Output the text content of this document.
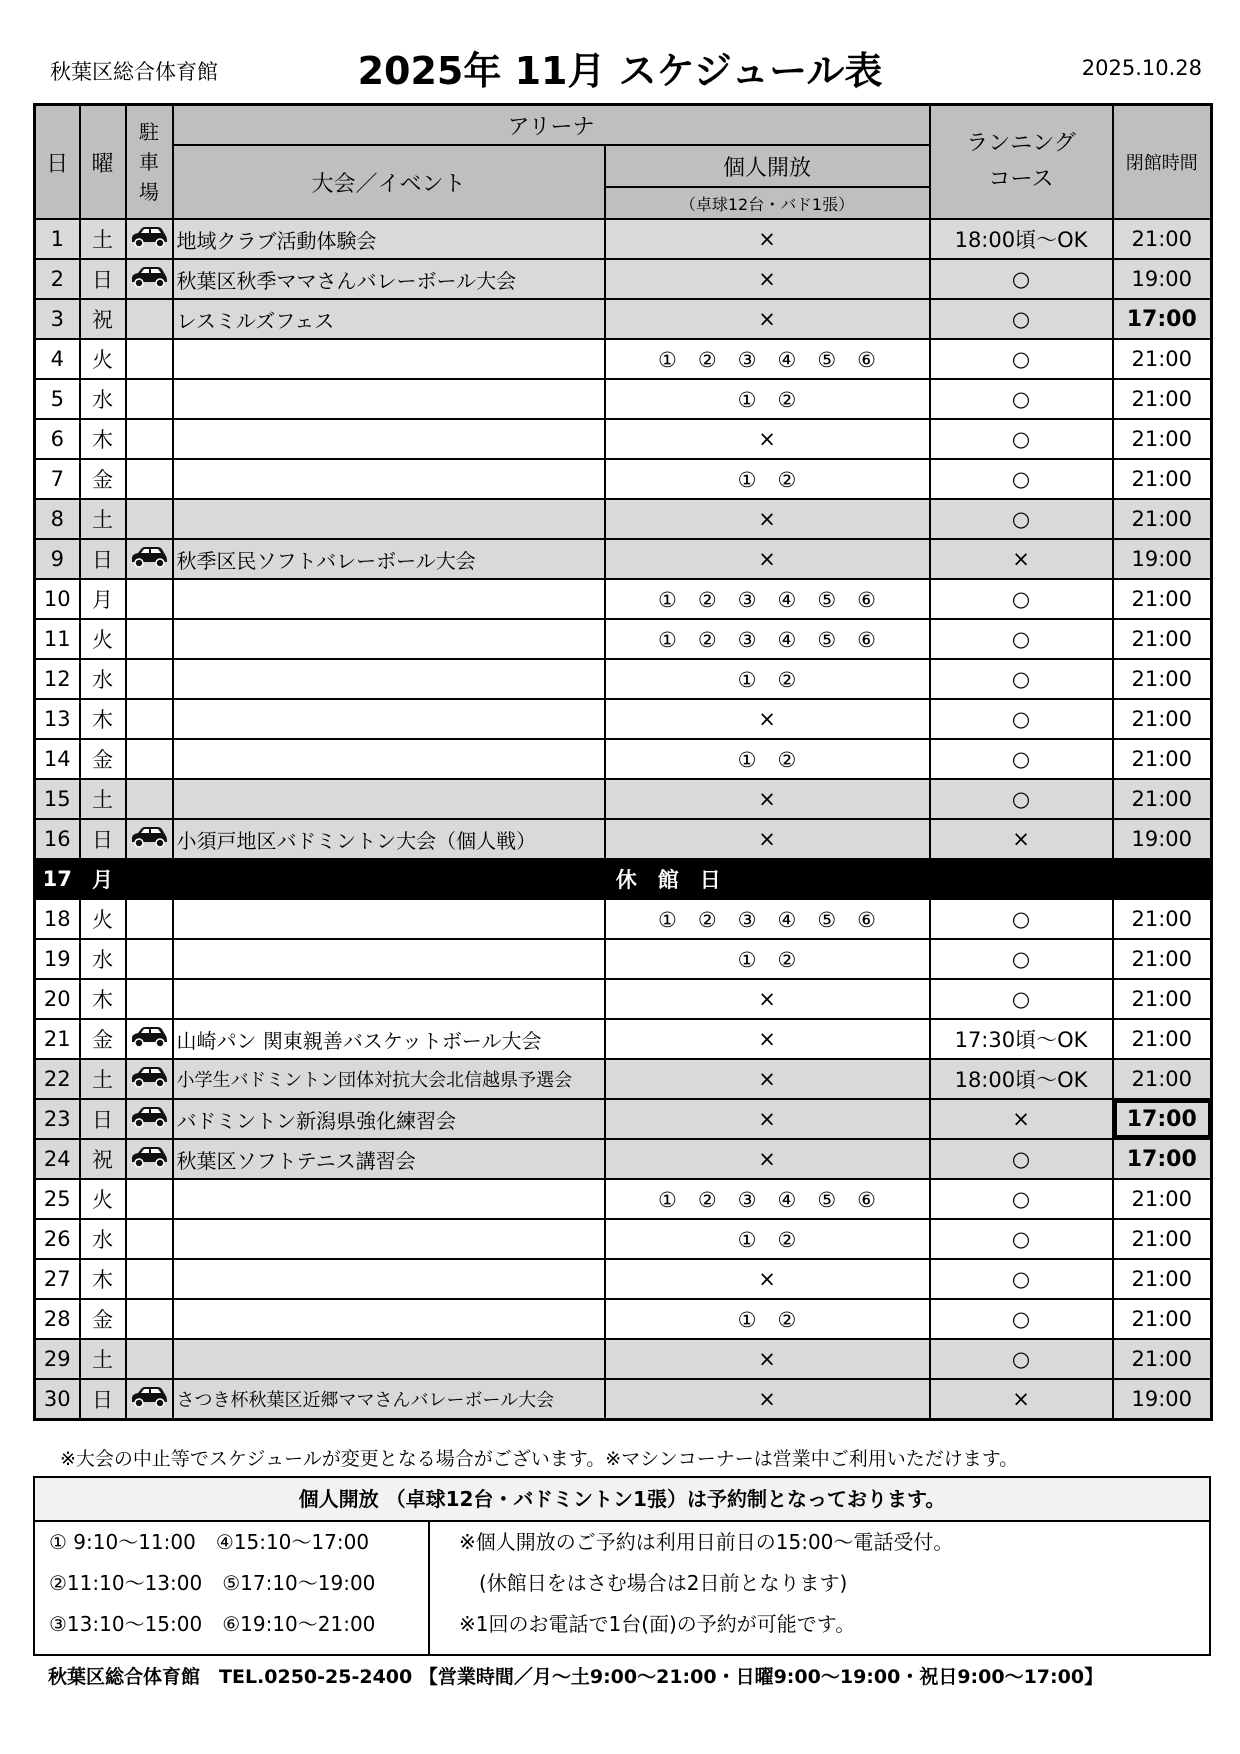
秋葉区総合体育館	2025年 11月 スケジュール表	2025.10.28
日	曜	駐
車
場	アリーナ		ランニング
コース	閉館時間
			大会／イベント	個人開放		
				（卓球12台・バド1張）		
1	土		地域クラブ活動体験会	×	18:00頃～OK	21:00
2	日		秋葉区秋季ママさんバレーボール大会	×	○	19:00
3	祝		レスミルズフェス	×	○	17:00
4	火			①　②　③　④　⑤　⑥	○	21:00
5	水			①　②	○	21:00
6	木			×	○	21:00
7	金			①　②	○	21:00
8	土			×	○	21:00
9	日		秋季区民ソフトバレーボール大会	×	×	19:00
10	月			①　②　③　④　⑤　⑥	○	21:00
11	火			①　②　③　④　⑤　⑥	○	21:00
12	水			①　②	○	21:00
13	木			×	○	21:00
14	金			①　②	○	21:00
15	土			×	○	21:00
16	日		小須戸地区バドミントン大会（個人戦）	×	×	19:00
17	月	休　館　日				
18	火			①　②　③　④　⑤　⑥	○	21:00
19	水			①　②	○	21:00
20	木			×	○	21:00
21	金		山崎パン 関東親善バスケットボール大会	×	17:30頃～OK	21:00
22	土		小学生バドミントン団体対抗大会北信越県予選会	×	18:00頃～OK	21:00
23	日		バドミントン新潟県強化練習会	×	×	17:00
24	祝		秋葉区ソフトテニス講習会	×	○	17:00
25	火			①　②　③　④　⑤　⑥	○	21:00
26	水			①　②	○	21:00
27	木			×	○	21:00
28	金			①　②	○	21:00
29	土			×	○	21:00
30	日		さつき杯秋葉区近郷ママさんバレーボール大会	×	×	19:00
※大会の中止等でスケジュールが変更となる場合がございます。※マシンコーナーは営業中ご利用いただけます。
個人開放 （卓球12台・バドミントン1張）は予約制となっております。
① 9:10～11:00　④15:10～17:00
②11:10～13:00　⑤17:10～19:00
③13:10～15:00　⑥19:10～21:00
※個人開放のご予約は利用日前日の15:00～電話受付。
　(休館日をはさむ場合は2日前となります)
※1回のお電話で1台(面)の予約が可能です。
秋葉区総合体育館　TEL.0250-25-2400 【営業時間／月～土9:00～21:00・日曜9:00～19:00・祝日9:00～17:00】
